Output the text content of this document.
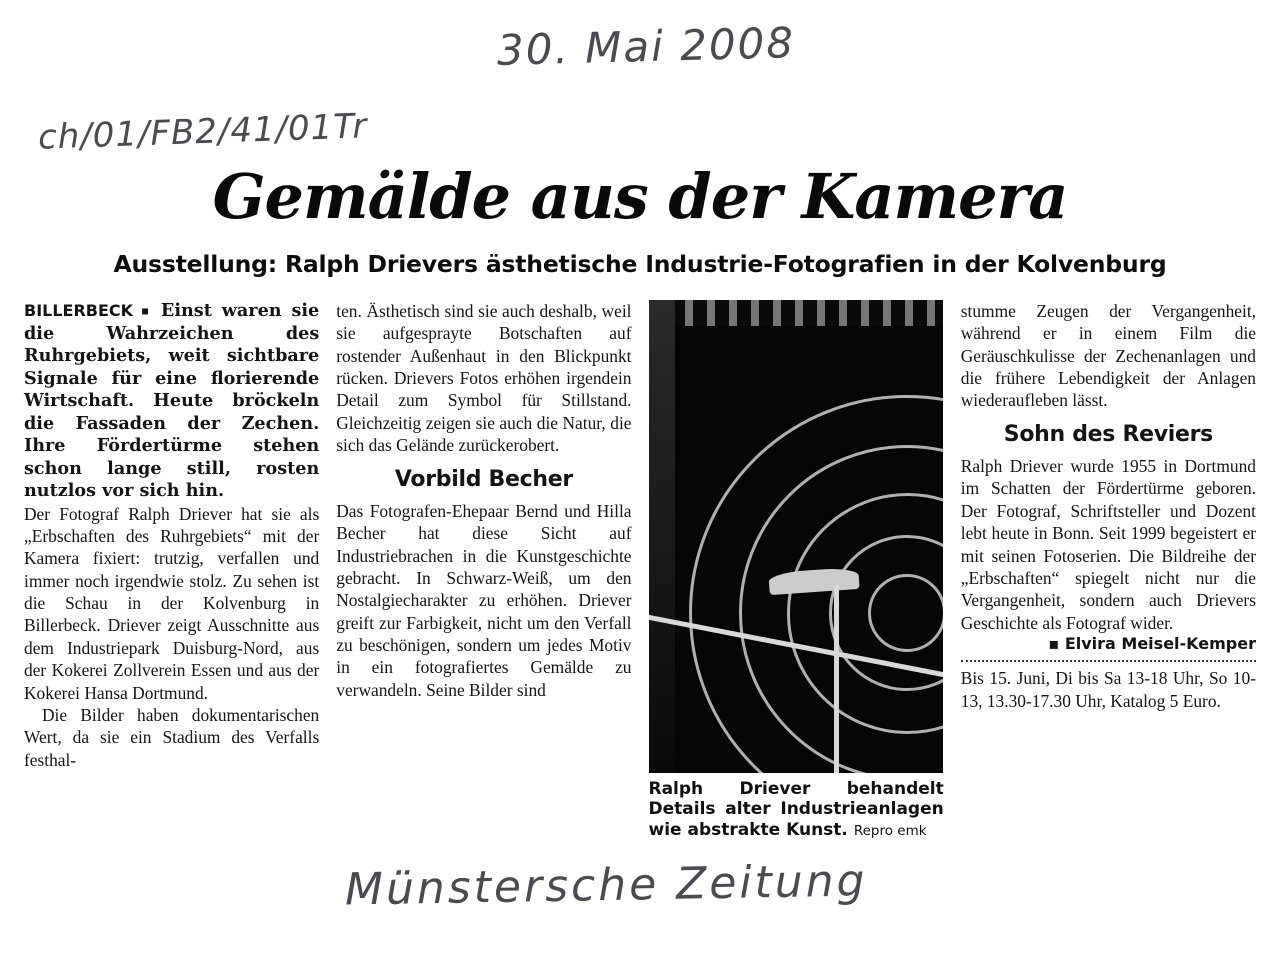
30. Mai 2008
ch/01/FB2/41/01Tr
Münstersche Zeitung
Gemälde aus der Kamera
Ausstellung: Ralph Drievers ästhetische Industrie-Fotografien in der Kolvenburg

BILLERBECK ▪ Einst waren sie die Wahrzeichen des Ruhrgebiets, weit sichtbare Signale für eine florierende Wirtschaft. Heute bröckeln die Fassaden der Zechen. Ihre Fördertürme stehen schon lange still, rosten nutzlos vor sich hin.

Der Fotograf Ralph Driever hat sie als „Erbschaften des Ruhrgebiets“ mit der Kamera fixiert: trutzig, verfallen und immer noch irgendwie stolz. Zu sehen ist die Schau in der Kolvenburg in Billerbeck. Driever zeigt Ausschnitte aus dem Industriepark Duisburg-Nord, aus der Kokerei Zollverein Essen und aus der Kokerei Hansa Dortmund.

Die Bilder haben dokumentarischen Wert, da sie ein Stadium des Verfalls festhal-

ten. Ästhetisch sind sie auch deshalb, weil sie aufgespraytе Botschaften auf rostender Außenhaut in den Blickpunkt rücken. Drievers Fotos erhöhen irgendein Detail zum Symbol für Stillstand. Gleichzeitig zeigen sie auch die Natur, die sich das Gelände zurückerobert.

Vorbild Becher

Das Fotografen-Ehepaar Bernd und Hilla Becher hat diese Sicht auf Industriebrachen in die Kunstgeschichte gebracht. In Schwarz-Weiß, um den Nostalgiecharakter zu erhöhen. Driever greift zur Farbigkeit, nicht um den Verfall zu beschönigen, sondern um jedes Motiv in ein fotografiertes Gemälde zu verwandeln. Seine Bilder sind

Ralph Driever behandelt Details alter Industrieanlagen wie abstrakte Kunst. Repro emk

stumme Zeugen der Vergangenheit, während er in einem Film die Geräuschkulisse der Zechenanlagen und die frühere Lebendigkeit der Anlagen wiederaufleben lässt.

Sohn des Reviers

Ralph Driever wurde 1955 in Dortmund im Schatten der Fördertürme geboren. Der Fotograf, Schriftsteller und Dozent lebt heute in Bonn. Seit 1999 begeistert er mit seinen Fotoserien. Die Bildreihe der „Erbschaften“ spiegelt nicht nur die Vergangenheit, sondern auch Drievers Geschichte als Fotograf wider.

▪ Elvira Meisel-Kemper
Bis 15. Juni, Di bis Sa 13-18 Uhr, So 10-13, 13.30-17.30 Uhr, Katalog 5 Euro.
